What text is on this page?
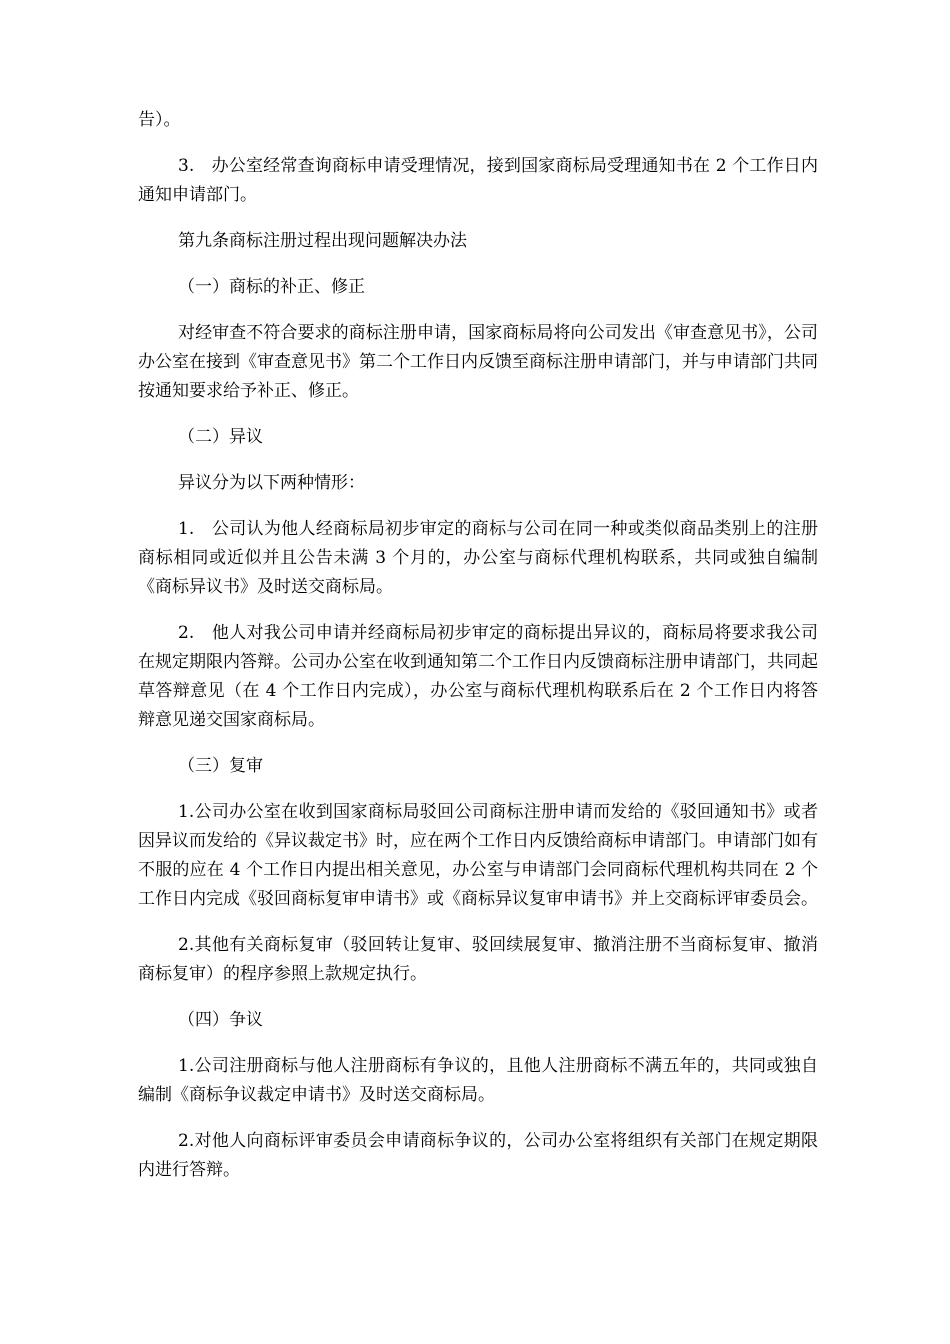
告）。

3.　办公室经常查询商标申请受理情况，接到国家商标局受理通知书在 2 个工作日内通知申请部门。

第九条商标注册过程出现问题解决办法

（一）商标的补正、修正

对经审查不符合要求的商标注册申请，国家商标局将向公司发出《审查意见书》，公司办公室在接到《审查意见书》第二个工作日内反馈至商标注册申请部门，并与申请部门共同按通知要求给予补正、修正。

（二）异议

异议分为以下两种情形：

1.　公司认为他人经商标局初步审定的商标与公司在同一种或类似商品类别上的注册商标相同或近似并且公告未满 3 个月的，办公室与商标代理机构联系，共同或独自编制《商标异议书》及时送交商标局。

2.　他人对我公司申请并经商标局初步审定的商标提出异议的，商标局将要求我公司在规定期限内答辩。公司办公室在收到通知第二个工作日内反馈商标注册申请部门，共同起草答辩意见（在 4 个工作日内完成），办公室与商标代理机构联系后在 2 个工作日内将答辩意见递交国家商标局。

（三）复审

1.公司办公室在收到国家商标局驳回公司商标注册申请而发给的《驳回通知书》或者因异议而发给的《异议裁定书》时，应在两个工作日内反馈给商标申请部门。申请部门如有不服的应在 4 个工作日内提出相关意见，办公室与申请部门会同商标代理机构共同在 2 个工作日内完成《驳回商标复审申请书》或《商标异议复审申请书》并上交商标评审委员会。

2.其他有关商标复审（驳回转让复审、驳回续展复审、撤消注册不当商标复审、撤消商标复审）的程序参照上款规定执行。

（四）争议

1.公司注册商标与他人注册商标有争议的，且他人注册商标不满五年的，共同或独自编制《商标争议裁定申请书》及时送交商标局。

2.对他人向商标评审委员会申请商标争议的，公司办公室将组织有关部门在规定期限内进行答辩。
